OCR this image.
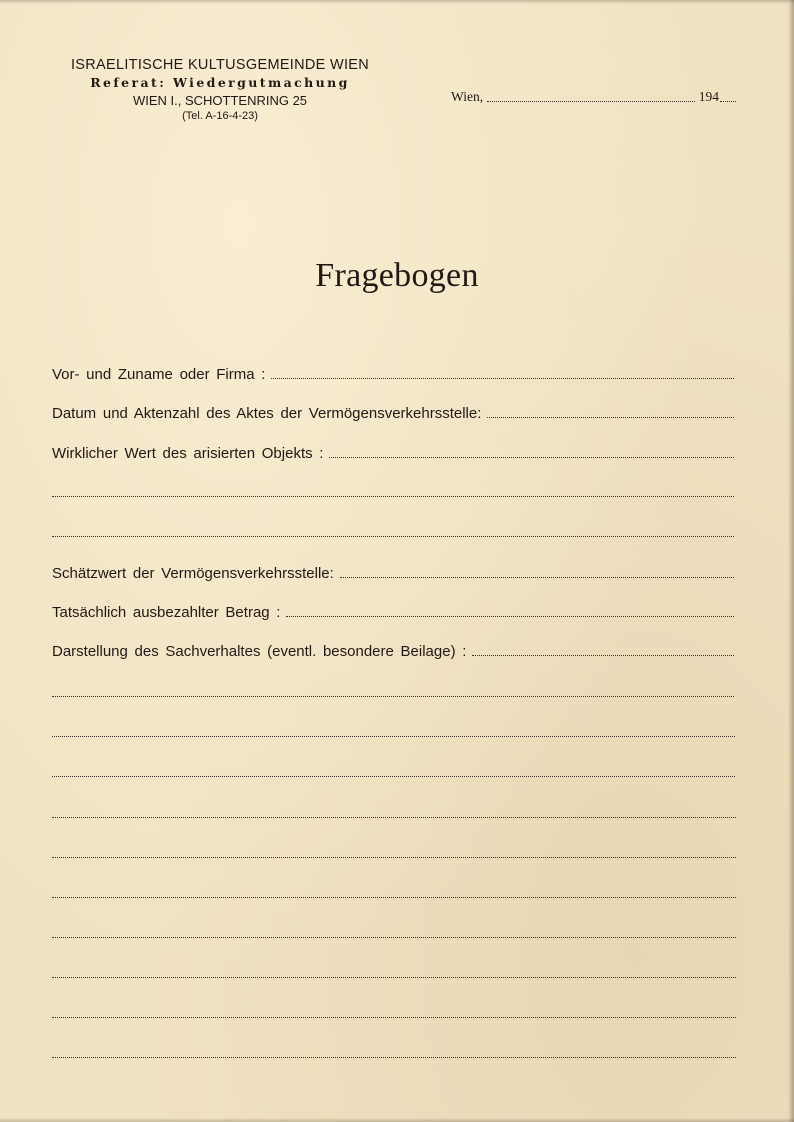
ISRAELITISCHE KULTUSGEMEINDE WIEN
Referat: Wiedergutmachung
WIEN I., SCHOTTENRING 25
(Tel. A-16-4-23)
Wien,	194
Fragebogen
Vor- und Zuname oder Firma :
Datum und Aktenzahl des Aktes der Vermögensverkehrsstelle:
Wirklicher Wert des arisierten Objekts :
Schätzwert der Vermögensverkehrsstelle:
Tatsächlich ausbezahlter Betrag :
Darstellung des Sachverhaltes (eventl. besondere Beilage) :
